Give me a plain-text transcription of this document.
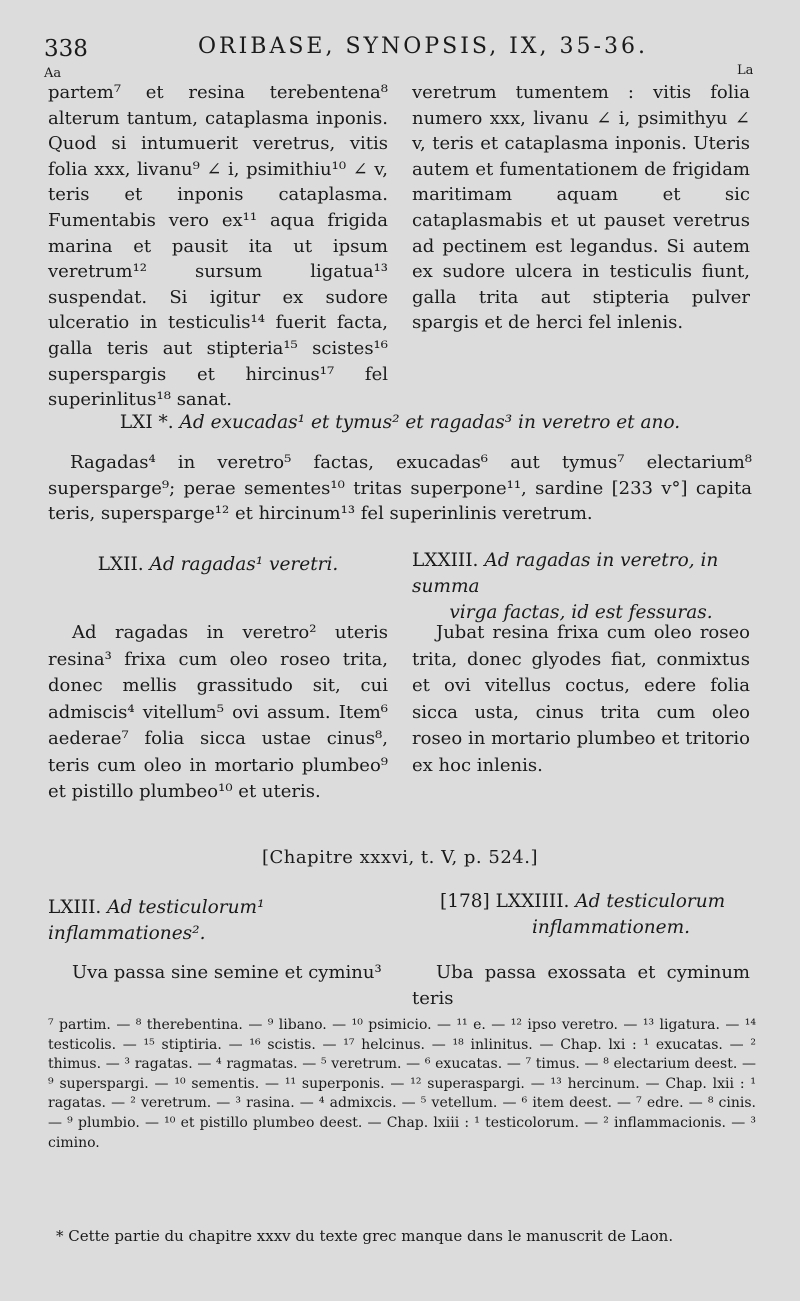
338	ORIBASE, SYNOPSIS, IX, 35-36.
Aa	La

partem⁷ et resina terebentena⁸ alterum tantum, cataplasma inponis. Quod si intumuerit veretrus, vitis folia xxx, livanu⁹ ∠ i, psimithiu¹⁰ ∠ v, teris et inponis cataplasma. Fumentabis vero ex¹¹ aqua frigida marina et pausit ita ut ipsum veretrum¹² sursum ligatua¹³ suspendat. Si igitur ex sudore ulceratio in testiculis¹⁴ fuerit facta, galla teris aut stipteria¹⁵ scistes¹⁶ superspargis et hircinus¹⁷ fel superinlitus¹⁸ sanat.

veretrum tumentem : vitis folia numero xxx, livanu ∠ i, psimithyu ∠ v, teris et cataplasma inponis. Uteris autem et fumentationem de frigidam maritimam aquam et sic cataplasmabis et ut pauset veretrus ad pectinem est legandus. Si autem ex sudore ulcera in testiculis fiunt, galla trita aut stipteria pulver spargis et de herci fel inlenis.

LXI *. Ad exucadas¹ et tymus² et ragadas³ in veretro et ano.
Ragadas⁴ in veretro⁵ factas, exucadas⁶ aut tymus⁷ electarium⁸ supersparge⁹; perae sementes¹⁰ tritas superpone¹¹, sardine [233 v°] capita teris, supersparge¹² et hircinum¹³ fel superinlinis veretrum.
LXII. Ad ragadas¹ veretri.

Ad ragadas in veretro² uteris resina³ frixa cum oleo roseo trita, donec mellis grassitudo sit, cui admiscis⁴ vitellum⁵ ovi assum. Item⁶ aederae⁷ folia sicca ustae cinus⁸, teris cum oleo in mortario plumbeo⁹ et pistillo plumbeo¹⁰ et uteris.

LXXIII. Ad ragadas in veretro, in summa
virga factas, id est fessuras.

Jubat resina frixa cum oleo roseo trita, donec glyodes fiat, conmixtus et ovi vitellus coctus, edere folia sicca usta, cinus trita cum oleo roseo in mortario plumbeo et tritorio ex hoc inlenis.

[Chapitre xxxvi, t. V, p. 524.]
LXIII. Ad testiculorum¹ inflammationes².

Uva passa sine semine et cyminu³

[178] LXXIIII. Ad testiculorum
inflammationem.

Uba passa exossata et cyminum teris

⁷ partim. — ⁸ therebentina. — ⁹ libano. — ¹⁰ psimicio. — ¹¹ e. — ¹² ipso veretro. — ¹³ ligatura. — ¹⁴ testicolis. — ¹⁵ stiptiria. — ¹⁶ scistis. — ¹⁷ helcinus. — ¹⁸ inlinitus. — Chap. lxi : ¹ exucatas. — ² thimus. — ³ ragatas. — ⁴ ragmatas. — ⁵ veretrum. — ⁶ exucatas. — ⁷ timus. — ⁸ electarium deest. — ⁹ superspargi. — ¹⁰ sementis. — ¹¹ superponis. — ¹² superaspargi. — ¹³ hercinum. — Chap. lxii : ¹ ragatas. — ² veretrum. — ³ rasina. — ⁴ admixcis. — ⁵ vetellum. — ⁶ item deest. — ⁷ edre. — ⁸ cinis. — ⁹ plumbio. — ¹⁰ et pistillo plumbeo deest. — Chap. lxiii : ¹ testicolorum. — ² inflammacionis. — ³ cimino.

* Cette partie du chapitre xxxv du texte grec manque dans le manuscrit de Laon.
